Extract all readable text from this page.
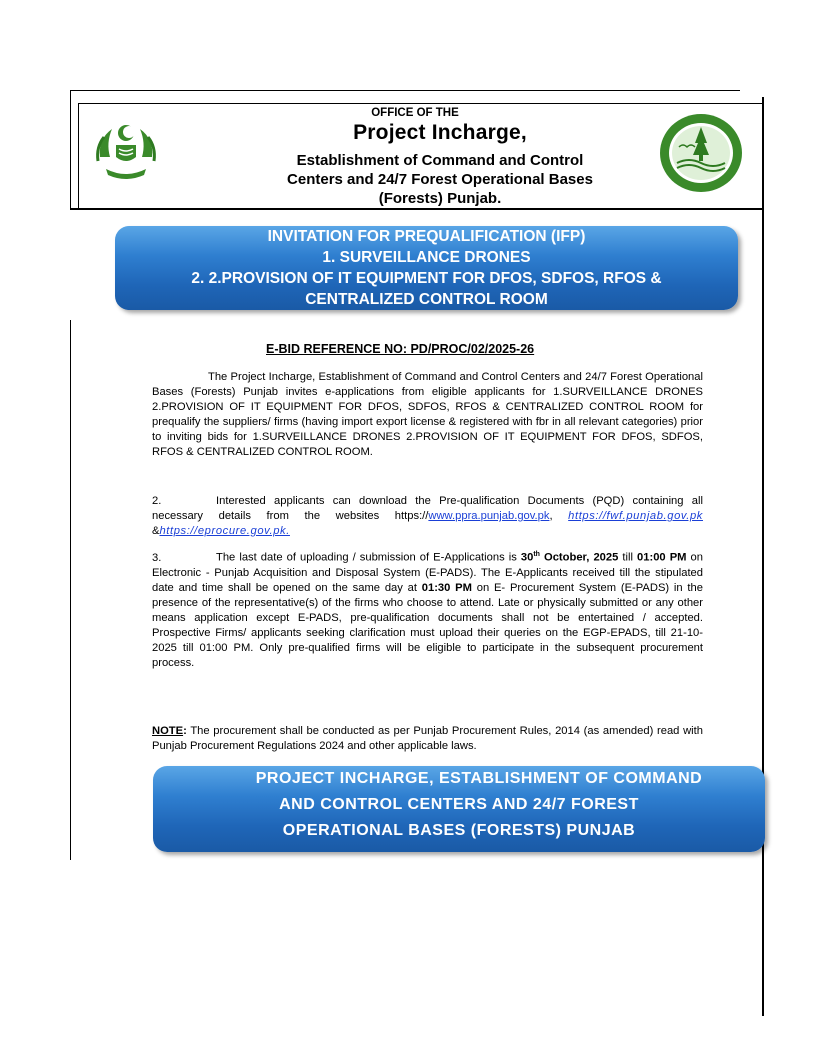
OFFICE OF THE
Project Incharge,
Establishment of Command and Control
Centers and 24/7 Forest Operational Bases
(Forests) Punjab.
INVITATION FOR PREQUALIFICATION (IFP)
1. SURVEILLANCE DRONES
2. 2.PROVISION OF IT EQUIPMENT FOR DFOS, SDFOS, RFOS &
CENTRALIZED CONTROL ROOM
E-BID REFERENCE NO: PD/PROC/02/2025-26
The Project Incharge, Establishment of Command and Control Centers and 24/7 Forest Operational Bases (Forests) Punjab invites e-applications from eligible applicants for 1.SURVEILLANCE DRONES 2.PROVISION OF IT EQUIPMENT FOR DFOS, SDFOS, RFOS & CENTRALIZED CONTROL ROOM for prequalify the suppliers/ firms (having import export license & registered with fbr in all relevant categories) prior to inviting bids for 1.SURVEILLANCE DRONES 2.PROVISION OF IT EQUIPMENT FOR DFOS, SDFOS, RFOS & CENTRALIZED CONTROL ROOM.
2.	Interested applicants can download the Pre-qualification Documents (PQD) containing all necessary details from the websites https://www.ppra.punjab.gov.pk, https://fwf.punjab.gov.pk &https://eprocure.gov.pk.
3.	The last date of uploading / submission of E-Applications is 30th October, 2025 till 01:00 PM on Electronic - Punjab Acquisition and Disposal System (E-PADS). The E-Applicants received till the stipulated date and time shall be opened on the same day at 01:30 PM on E- Procurement System (E-PADS) in the presence of the representative(s) of the firms who choose to attend. Late or physically submitted or any other means application except E-PADS, pre-qualification documents shall not be entertained / accepted. Prospective Firms/ applicants seeking clarification must upload their queries on the EGP-EPADS, till 21-10-2025 till 01:00 PM. Only pre-qualified firms will be eligible to participate in the subsequent procurement process.
NOTE: The procurement shall be conducted as per Punjab Procurement Rules, 2014 (as amended) read with Punjab Procurement Regulations 2024 and other applicable laws.
PROJECT INCHARGE, ESTABLISHMENT OF COMMAND
AND CONTROL CENTERS AND 24/7 FOREST
OPERATIONAL BASES (FORESTS) PUNJAB
